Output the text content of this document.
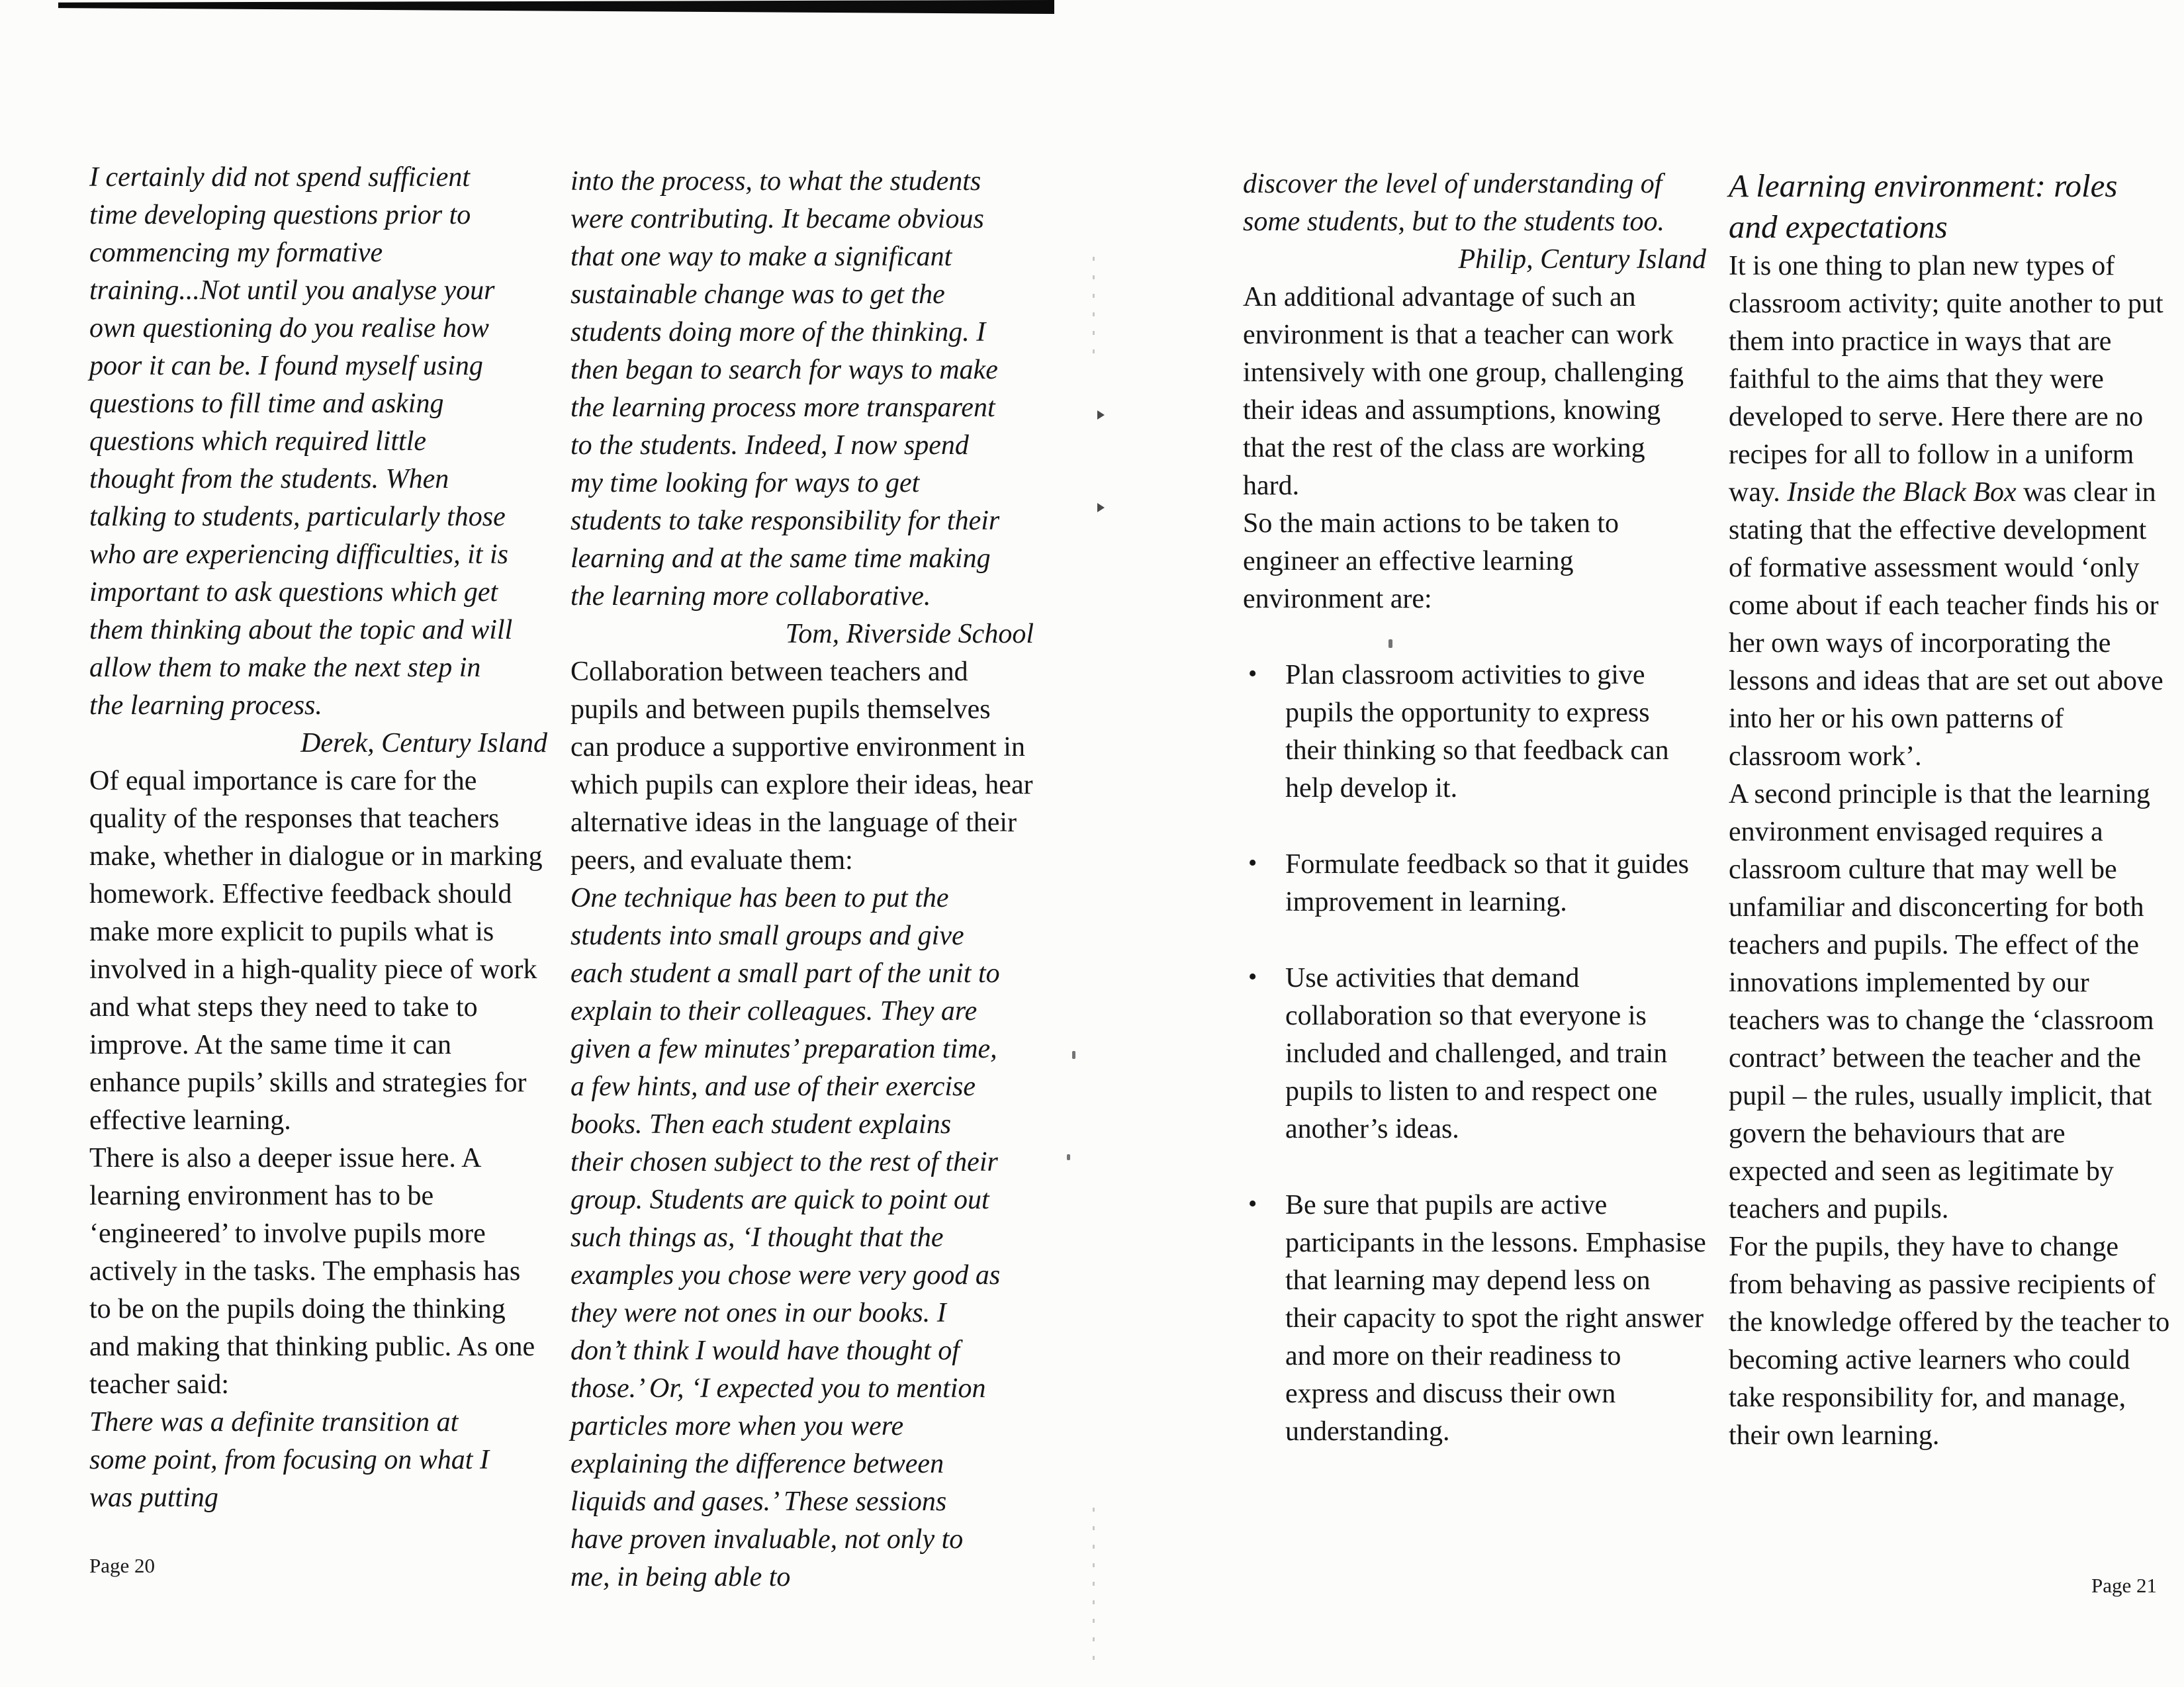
I certainly did not spend sufficient time developing questions prior to commencing my formative training...Not until you analyse your own questioning do you realise how poor it can be. I found myself using questions to fill time and asking questions which required little thought from the students. When talking to students, particularly those who are experiencing difficulties, it is important to ask questions which get them thinking about the topic and will allow them to make the next step in the learning process.

Derek, Century Island

Of equal importance is care for the quality of the responses that teachers make, whether in dialogue or in marking homework. Effective feedback should make more explicit to pupils what is involved in a high-quality piece of work and what steps they need to take to improve. At the same time it can enhance pupils’ skills and strategies for effective learning.

There is also a deeper issue here. A learning environment has to be ‘engineered’ to involve pupils more actively in the tasks. The emphasis has to be on the pupils doing the thinking and making that thinking public. As one teacher said:

There was a definite transition at some point, from focusing on what I was putting

into the process, to what the students were contributing. It became obvious that one way to make a significant sustainable change was to get the students doing more of the thinking. I then began to search for ways to make the learning process more transparent to the students. Indeed, I now spend my time looking for ways to get students to take responsibility for their learning and at the same time making the learning more collaborative.

Tom, Riverside School

Collaboration between teachers and pupils and between pupils themselves can produce a supportive environment in which pupils can explore their ideas, hear alternative ideas in the language of their peers, and evaluate them:

One technique has been to put the students into small groups and give each student a small part of the unit to explain to their colleagues. They are given a few minutes’ preparation time, a few hints, and use of their exercise books. Then each student explains their chosen subject to the rest of their group. Students are quick to point out such things as, ‘I thought that the examples you chose were very good as they were not ones in our books. I don’t think I would have thought of those.’ Or, ‘I expected you to mention particles more when you were explaining the difference between liquids and gases.’ These sessions have proven invaluable, not only to me, in being able to

discover the level of understanding of some students, but to the students too.

Philip, Century Island

An additional advantage of such an environment is that a teacher can work intensively with one group, challenging their ideas and assumptions, knowing that the rest of the class are working hard.

So the main actions to be taken to engineer an effective learning environment are:

• Plan classroom activities to give pupils the opportunity to express their thinking so that feedback can help develop it.
• Formulate feedback so that it guides improvement in learning.
• Use activities that demand collaboration so that everyone is included and challenged, and train pupils to listen to and respect one another’s ideas.
• Be sure that pupils are active participants in the lessons. Emphasise that learning may depend less on their capacity to spot the right answer and more on their readiness to express and discuss their own understanding.
A learning environment: roles and expectations

It is one thing to plan new types of classroom activity; quite another to put them into practice in ways that are faithful to the aims that they were developed to serve. Here there are no recipes for all to follow in a uniform way. Inside the Black Box was clear in stating that the effective development of formative assessment would ‘only come about if each teacher finds his or her own ways of incorporating the lessons and ideas that are set out above into her or his own patterns of classroom work’.

A second principle is that the learning environment envisaged requires a classroom culture that may well be unfamiliar and disconcerting for both teachers and pupils. The effect of the innovations implemented by our teachers was to change the ‘classroom contract’ between the teacher and the pupil – the rules, usually implicit, that govern the behaviours that are expected and seen as legitimate by teachers and pupils.

For the pupils, they have to change from behaving as passive recipients of the knowledge offered by the teacher to becoming active learners who could take responsibility for, and manage, their own learning.

Page 20
Page 21
